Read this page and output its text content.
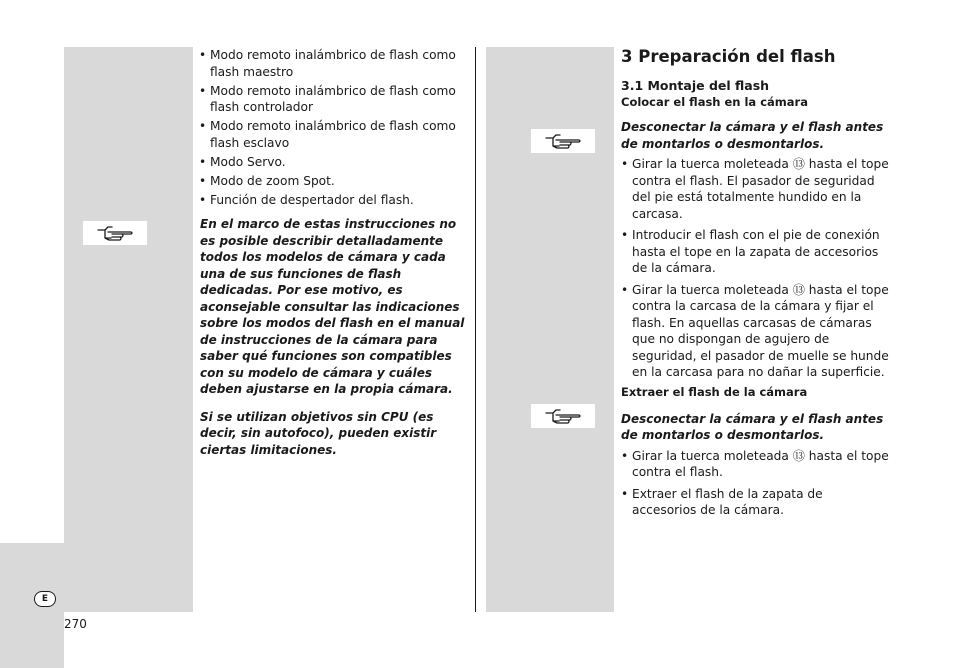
E
270
• Modo remoto inalámbrico de flash como flash maestro
• Modo remoto inalámbrico de flash como flash controlador
• Modo remoto inalámbrico de flash como flash esclavo
• Modo Servo.
• Modo de zoom Spot.
• Función de despertador del flash.

En el marco de estas instrucciones no es posible describir detalladamente todos los modelos de cámara y cada una de sus funciones de flash dedicadas. Por ese motivo, es aconsejable consultar las indicaciones sobre los modos del flash en el manual de instrucciones de la cámara para saber qué funciones son compatibles con su modelo de cámara y cuáles deben ajustarse en la propia cámara.

Si se utilizan objetivos sin CPU (es decir, sin autofoco), pueden existir ciertas limitaciones.

3 Preparación del flash
3.1 Montaje del flash
Colocar el flash en la cámara

Desconectar la cámara y el flash antes de montarlos o desmontarlos.

• Girar la tuerca moleteada ⑬ hasta el tope contra el flash. El pasador de seguridad del pie está totalmente hundido en la carcasa.
• Introducir el flash con el pie de conexión hasta el tope en la zapata de accesorios de la cámara.
• Girar la tuerca moleteada ⑬ hasta el tope contra la carcasa de la cámara y fijar el flash. En aquellas carcasas de cámaras que no dispongan de agujero de seguridad, el pasador de muelle se hunde en la carcasa para no dañar la superficie.
Extraer el flash de la cámara

Desconectar la cámara y el flash antes de montarlos o desmontarlos.

• Girar la tuerca moleteada ⑬ hasta el tope contra el flash.
• Extraer el flash de la zapata de accesorios de la cámara.
